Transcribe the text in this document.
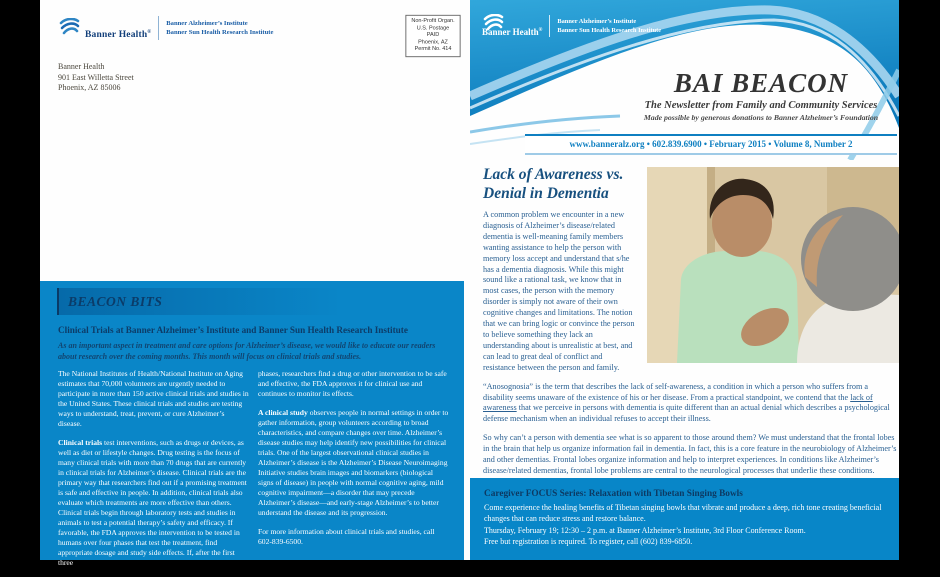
Banner Health®
Banner Alzheimer’s Institute
Banner Sun Health Research Institute
Banner Health
901 East Willetta Street
Phoenix, AZ 85006
Non-Profit Organ.
U.S. Postage
PAID
Phoenix, AZ
Permit No. 414
BEACON BITS
Clinical Trials at Banner Alzheimer’s Institute and Banner Sun Health Research Institute
As an important aspect in treatment and care options for Alzheimer’s disease, we would like to educate our readers about research over the coming months. This month will focus on clinical trials and studies.

The National Institutes of Health/National Institute on Aging estimates that 70,000 volunteers are urgently needed to participate in more than 150 active clinical trials and studies in the United States. These clinical trials and studies are testing ways to understand, treat, prevent, or cure Alzheimer’s disease.

Clinical trials test interventions, such as drugs or devices, as well as diet or lifestyle changes. Drug testing is the focus of many clinical trials with more than 70 drugs that are currently in clinical trials for Alzheimer’s disease. Clinical trials are the primary way that researchers find out if a promising treatment is safe and effective in people. In addition, clinical trials also evaluate which treatments are more effective than others. Clinical trials begin through laboratory tests and studies in animals to test a potential therapy’s safety and efficacy. If favorable, the FDA approves the intervention to be tested in humans over four phases that test the treatment, find appropriate dosage and study side effects. If, after the first three

phases, researchers find a drug or other intervention to be safe and effective, the FDA approves it for clinical use and continues to monitor its effects.

A clinical study observes people in normal settings in order to gather information, group volunteers according to broad characteristics, and compare changes over time. Alzheimer’s disease studies may help identify new possibilities for clinical trials. One of the largest observational clinical studies in Alzheimer’s disease is the Alzheimer’s Disease Neuroimaging Initiative studies brain images and biomarkers (biological signs of disease) in people with normal cognitive aging, mild cognitive impairment—a disorder that may precede Alzheimer’s disease—and early-stage Alzheimer’s to better understand the disease and its progression.

For more information about clinical trials and studies, call 602-839-6500.

Banner Health®
Banner Alzheimer’s Institute
Banner Sun Health Research Institute
BAI BEACON
The Newsletter from Family and Community Services
Made possible by generous donations to Banner Alzheimer’s Foundation
www.banneralz.org • 602.839.6900 • February 2015 • Volume 8, Number 2
Lack of Awareness vs.
Denial in Dementia

A common problem we encounter in a new diagnosis of Alzheimer’s disease/related dementia is well-meaning family members wanting assistance to help the person with memory loss accept and understand that s/he has a dementia diagnosis. While this might sound like a rational task, we know that in most cases, the person with the memory disorder is simply not aware of their own cognitive changes and limitations. The notion that we can bring logic or convince the person to believe something they lack an understanding about is unrealistic at best, and can lead to great deal of conflict and resistance between the person and family.

“Anosognosia” is the term that describes the lack of self-awareness, a condition in which a person who suffers from a disability seems unaware of the existence of his or her disease. From a practical standpoint, we contend that the lack of awareness that we perceive in persons with dementia is quite different than an actual denial which describes a psychological defense mechanism when an individual refuses to accept their illness.

So why can’t a person with dementia see what is so apparent to those around them? We must understand that the frontal lobes in the brain that help us organize information fail in dementia. In fact, this is a core feature in the neurobiology of Alzheimer’s and other dementias. Frontal lobes organize information and help to interpret experiences. In conditions like Alzheimer’s disease/related dementias, frontal lobe problems are central to the neurological processes that underlie these conditions.

Caregiver FOCUS Series: Relaxation with Tibetan Singing Bowls
Come experience the healing benefits of Tibetan singing bowls that vibrate and produce a deep, rich tone creating beneficial changes that can reduce stress and restore balance.
Thursday, February 19; 12:30 – 2 p.m. at Banner Alzheimer’s Institute, 3rd Floor Conference Room.
Free but registration is required. To register, call (602) 839-6850.
